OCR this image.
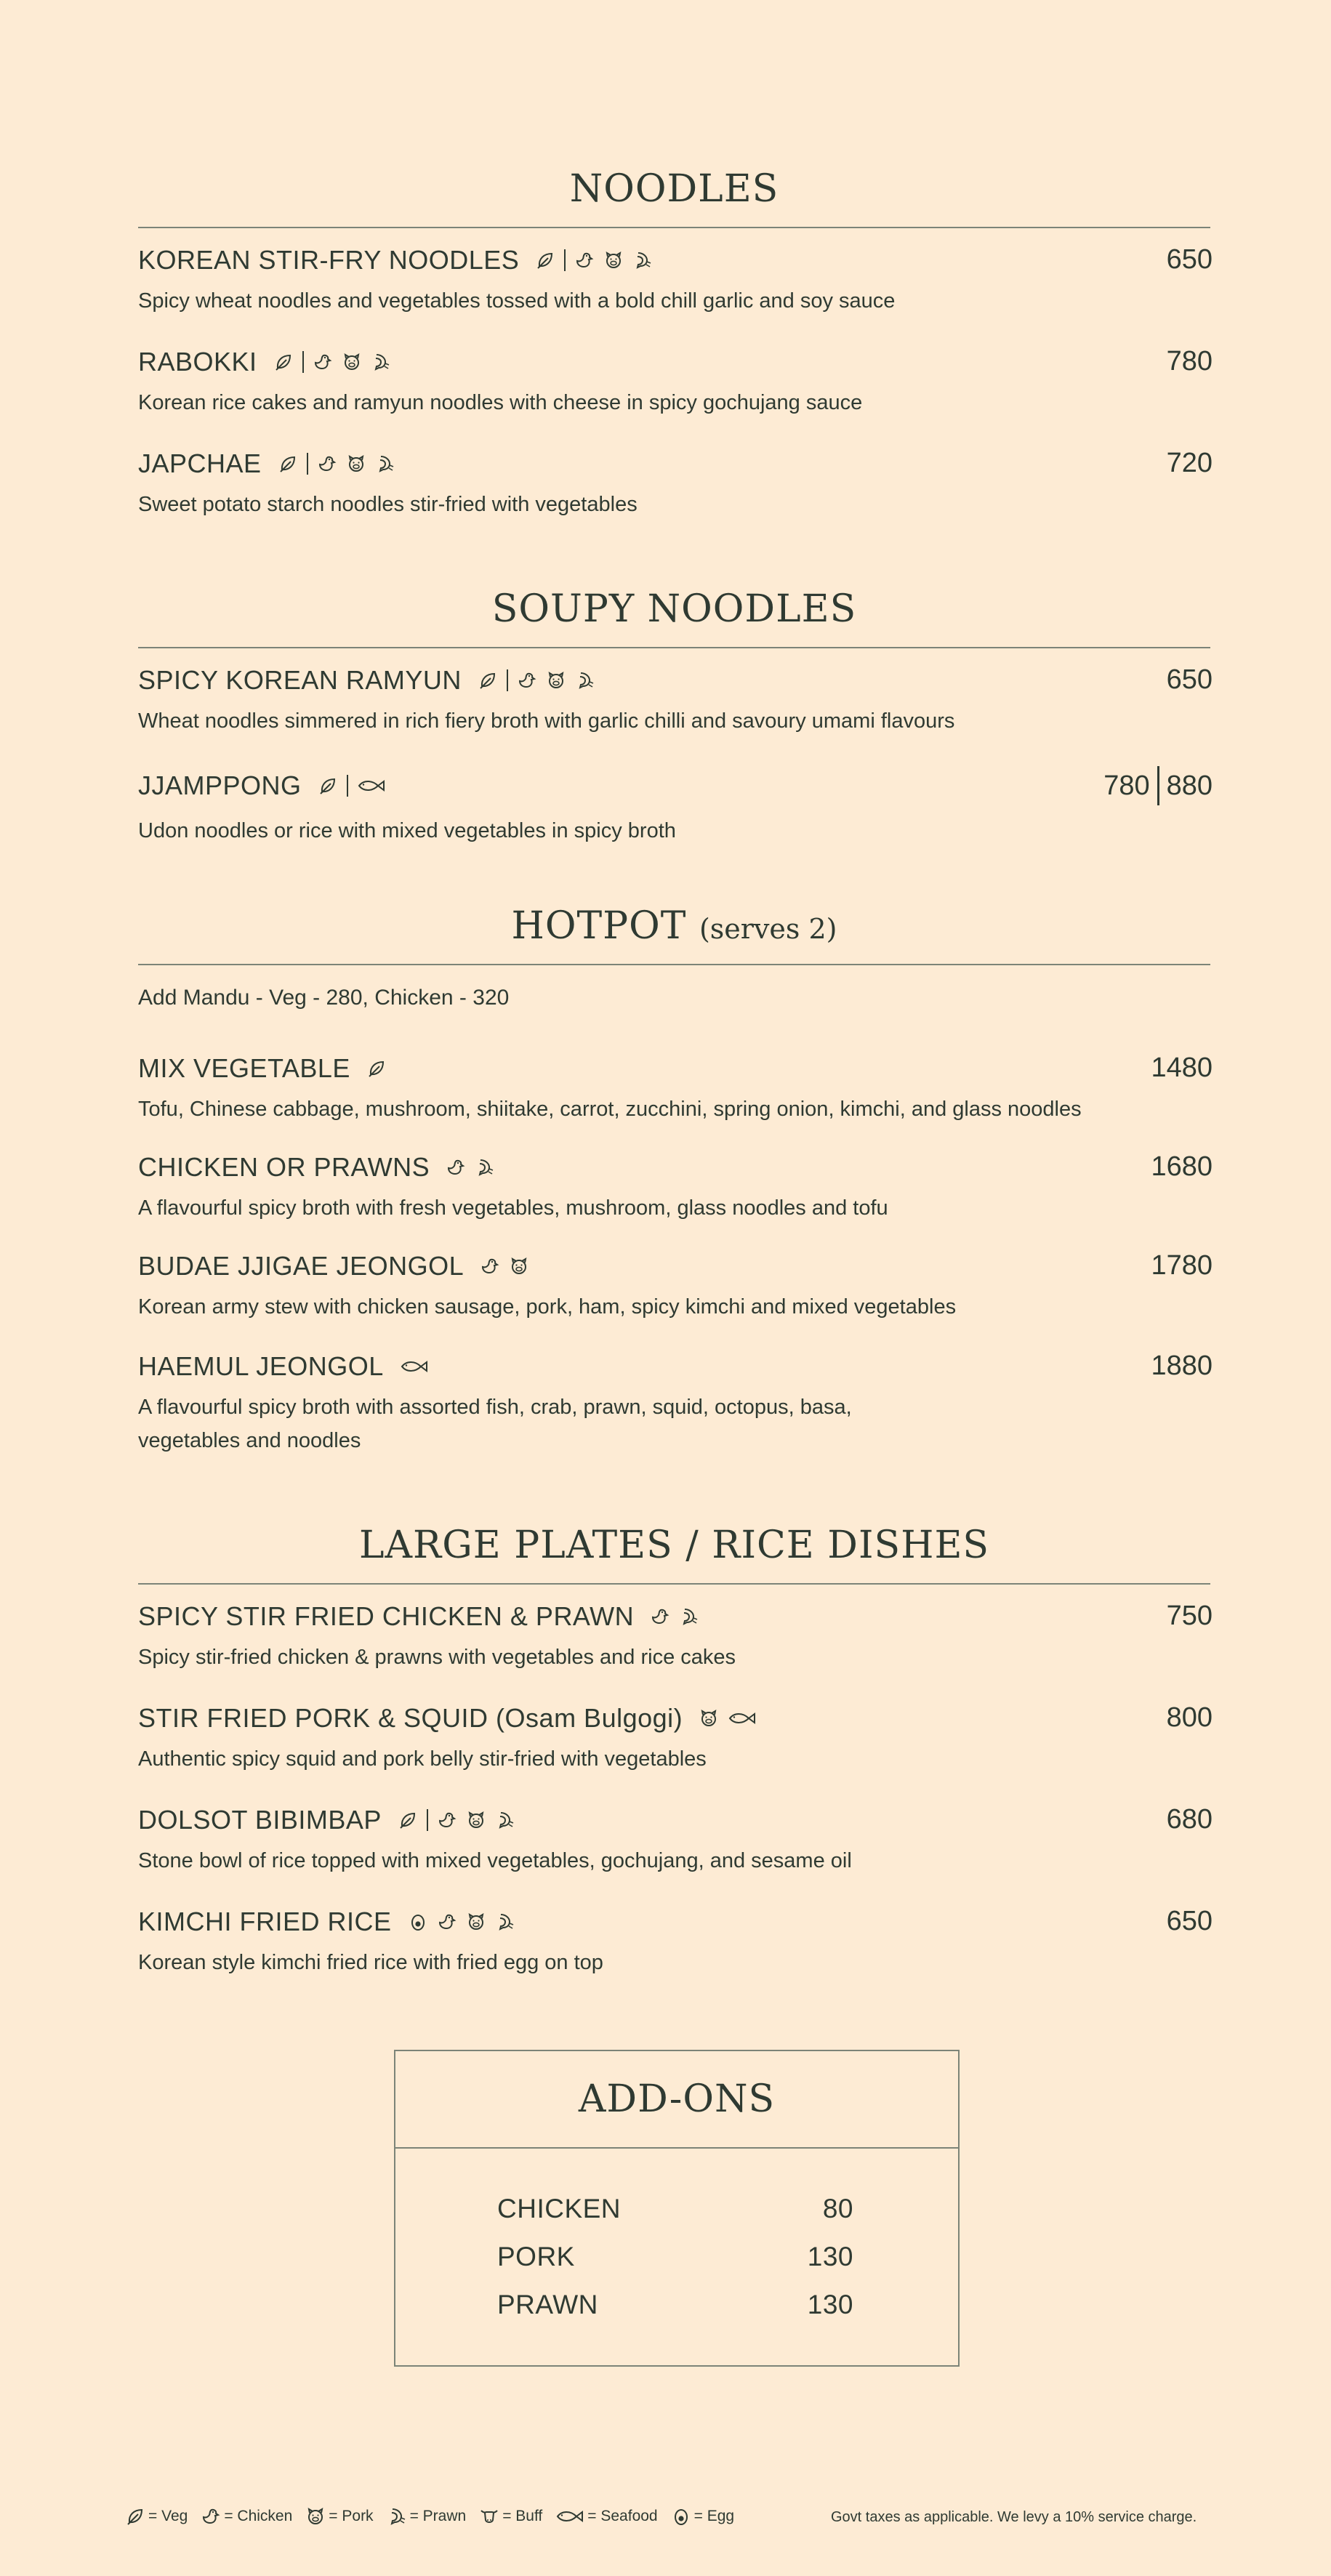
NOODLES
KOREAN STIR-FRY NOODLES	650
Spicy wheat noodles and vegetables tossed with a bold chill garlic and soy sauce
RABOKKI	780
Korean rice cakes and ramyun noodles with cheese in spicy gochujang sauce
JAPCHAE	720
Sweet potato starch noodles stir-fried with vegetables
SOUPY NOODLES
SPICY KOREAN RAMYUN	650
Wheat noodles simmered in rich fiery broth with garlic chilli and savoury umami flavours
JJAMPPONG	780 880
Udon noodles or rice with mixed vegetables in spicy broth
HOTPOT (serves 2)
Add Mandu - Veg - 280, Chicken - 320
MIX VEGETABLE	1480
Tofu, Chinese cabbage, mushroom, shiitake, carrot, zucchini, spring onion, kimchi, and glass noodles
CHICKEN OR PRAWNS	1680
A flavourful spicy broth with fresh vegetables, mushroom, glass noodles and tofu
BUDAE JJIGAE JEONGOL	1780
Korean army stew with chicken sausage, pork, ham, spicy kimchi and mixed vegetables
HAEMUL JEONGOL	1880
A flavourful spicy broth with assorted fish, crab, prawn, squid, octopus, basa,
vegetables and noodles
LARGE PLATES / RICE DISHES
SPICY STIR FRIED CHICKEN & PRAWN	750
Spicy stir-fried chicken & prawns with vegetables and rice cakes
STIR FRIED PORK & SQUID (Osam Bulgogi)	800
Authentic spicy squid and pork belly stir-fried with vegetables
DOLSOT BIBIMBAP	680
Stone bowl of rice topped with mixed vegetables, gochujang, and sesame oil
KIMCHI FRIED RICE	650
Korean style kimchi fried rice with fried egg on top
ADD-ONS
CHICKEN	80
PORK	130
PRAWN	130
= Veg = Chicken = Pork = Prawn = Buff	= Seafood = Egg	Govt taxes as applicable. We levy a 10% service charge.
